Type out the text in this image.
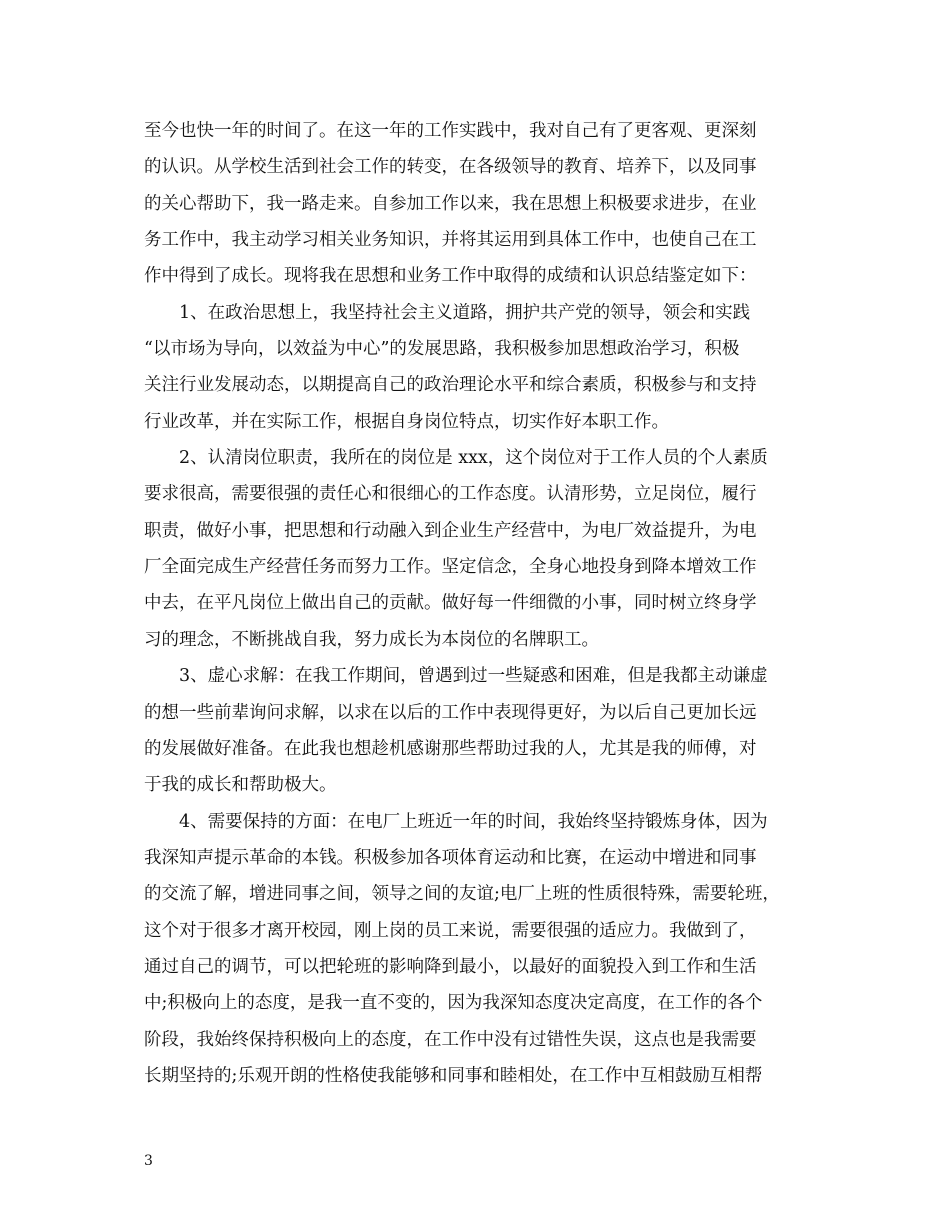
至今也快一年的时间了。在这一年的工作实践中，我对自己有了更客观、更深刻
的认识。从学校生活到社会工作的转变，在各级领导的教育、培养下，以及同事
的关心帮助下，我一路走来。自参加工作以来，我在思想上积极要求进步，在业
务工作中，我主动学习相关业务知识，并将其运用到具体工作中，也使自己在工
作中得到了成长。现将我在思想和业务工作中取得的成绩和认识总结鉴定如下：
　　1、在政治思想上，我坚持社会主义道路，拥护共产党的领导，领会和实践
“以市场为导向，以效益为中心”的发展思路，我积极参加思想政治学习，积极
关注行业发展动态，以期提高自己的政治理论水平和综合素质，积极参与和支持
行业改革，并在实际工作，根据自身岗位特点，切实作好本职工作。
　　2、认清岗位职责，我所在的岗位是 xxx，这个岗位对于工作人员的个人素质
要求很高，需要很强的责任心和很细心的工作态度。认清形势，立足岗位，履行
职责，做好小事，把思想和行动融入到企业生产经营中，为电厂效益提升，为电
厂全面完成生产经营任务而努力工作。坚定信念，全身心地投身到降本增效工作
中去，在平凡岗位上做出自己的贡献。做好每一件细微的小事，同时树立终身学
习的理念，不断挑战自我，努力成长为本岗位的名牌职工。
　　3、虚心求解：在我工作期间，曾遇到过一些疑惑和困难，但是我都主动谦虚
的想一些前辈询问求解，以求在以后的工作中表现得更好，为以后自己更加长远
的发展做好准备。在此我也想趁机感谢那些帮助过我的人，尤其是我的师傅，对
于我的成长和帮助极大。
　　4、需要保持的方面：在电厂上班近一年的时间，我始终坚持锻炼身体，因为
我深知声提示革命的本钱。积极参加各项体育运动和比赛，在运动中增进和同事
的交流了解，增进同事之间，领导之间的友谊;电厂上班的性质很特殊，需要轮班，
这个对于很多才离开校园，刚上岗的员工来说，需要很强的适应力。我做到了，
通过自己的调节，可以把轮班的影响降到最小，以最好的面貌投入到工作和生活
中;积极向上的态度，是我一直不变的，因为我深知态度决定高度，在工作的各个
阶段，我始终保持积极向上的态度，在工作中没有过错性失误，这点也是我需要
长期坚持的;乐观开朗的性格使我能够和同事和睦相处，在工作中互相鼓励互相帮
3
